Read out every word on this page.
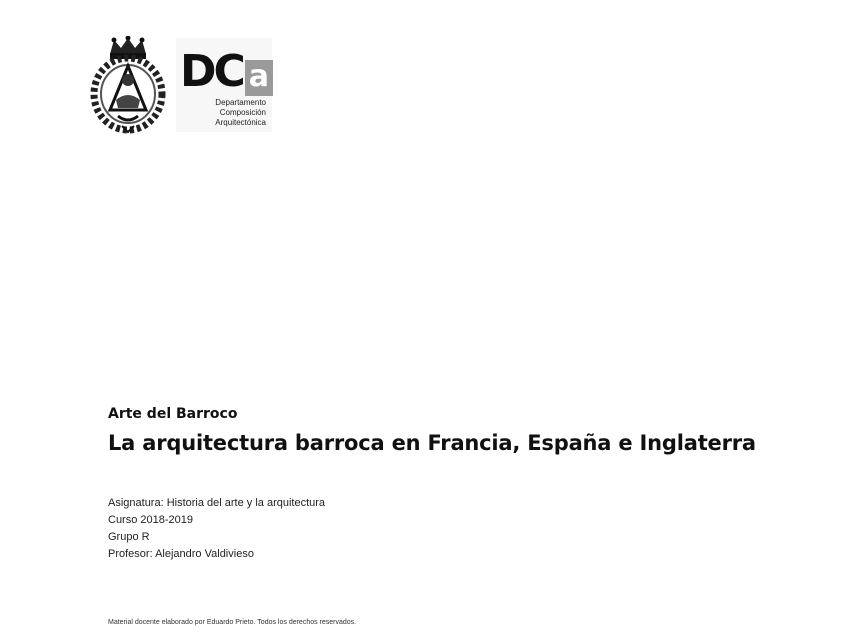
D C a
Departamento
Composición
Arquitectónica
Arte del Barroco
La arquitectura barroca en Francia, España e Inglaterra
Asignatura: Historia del arte y la arquitectura
Curso 2018-2019
Grupo R
Profesor: Alejandro Valdivieso
Material docente elaborado por Eduardo Prieto. Todos los derechos reservados.
